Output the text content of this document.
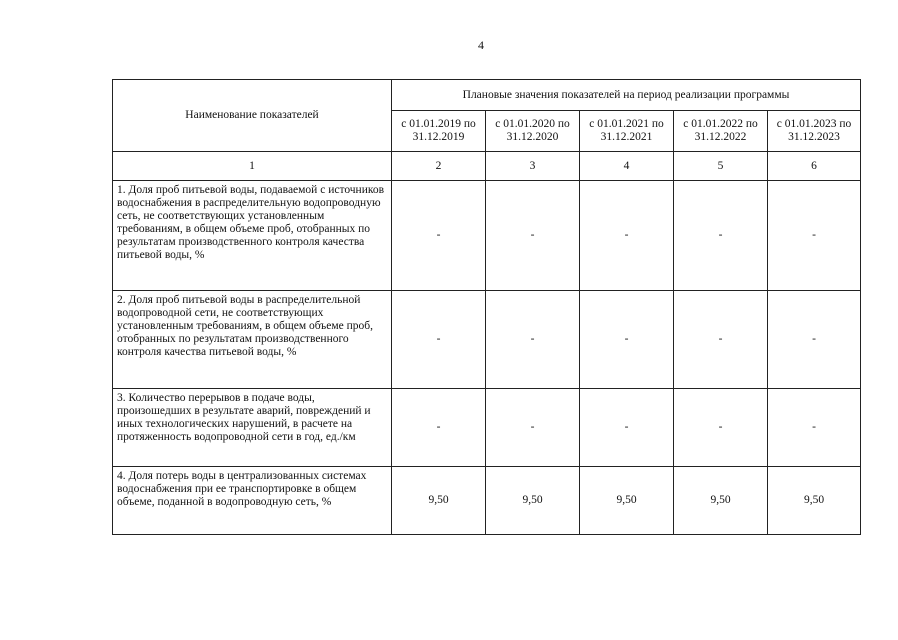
4
Наименование показателей	Плановые значения показателей на период реализации программы				
	с 01.01.2019 по 31.12.2019	с 01.01.2020 по 31.12.2020	с 01.01.2021 по 31.12.2021	с 01.01.2022 по 31.12.2022	с 01.01.2023 по 31.12.2023
1	2	3	4	5	6
1. Доля проб питьевой воды, подаваемой с источников водоснабжения в распределительную водопроводную сеть, не соответствующих установленным требованиям, в общем объеме проб, отобранных по результатам производственного контроля качества питьевой воды, %	-	-	-	-	-
2. Доля проб питьевой воды в распределительной водопроводной сети, не соответствующих установленным требованиям, в общем объеме проб, отобранных по результатам производственного контроля качества питьевой воды, %	-	-	-	-	-
3. Количество перерывов в подаче воды, произошедших в результате аварий, повреждений и иных технологических нарушений, в расчете на протяженность водопроводной сети в год, ед./км	-	-	-	-	-
4. Доля потерь воды в централизованных системах водоснабжения при ее транспортировке в общем объеме, поданной в водопроводную сеть, %	9,50	9,50	9,50	9,50	9,50
